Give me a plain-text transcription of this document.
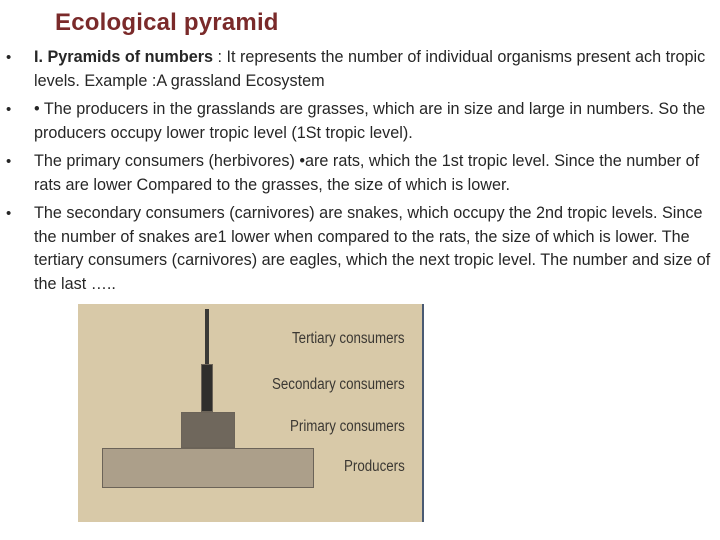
Ecological pyramid
•	I. Pyramids of numbers : It represents the number of individual organisms present ach tropic levels. Example :A grassland Ecosystem
•	• The producers in the grasslands are grasses, which are in size and large in numbers. So the producers occupy lower tropic level (1St tropic level).
•	The primary consumers (herbivores) •are rats, which the 1st tropic level. Since the number of rats are lower Compared to the grasses, the size of which is lower.
•	The secondary consumers (carnivores) are snakes, which occupy the 2nd tropic levels. Since the number of snakes are1 lower when compared to the rats, the size of which is lower. The tertiary consumers (carnivores) are eagles, which the next tropic level. The number and size of the last …..
Tertiary consumers
Secondary consumers
Primary consumers
Producers
